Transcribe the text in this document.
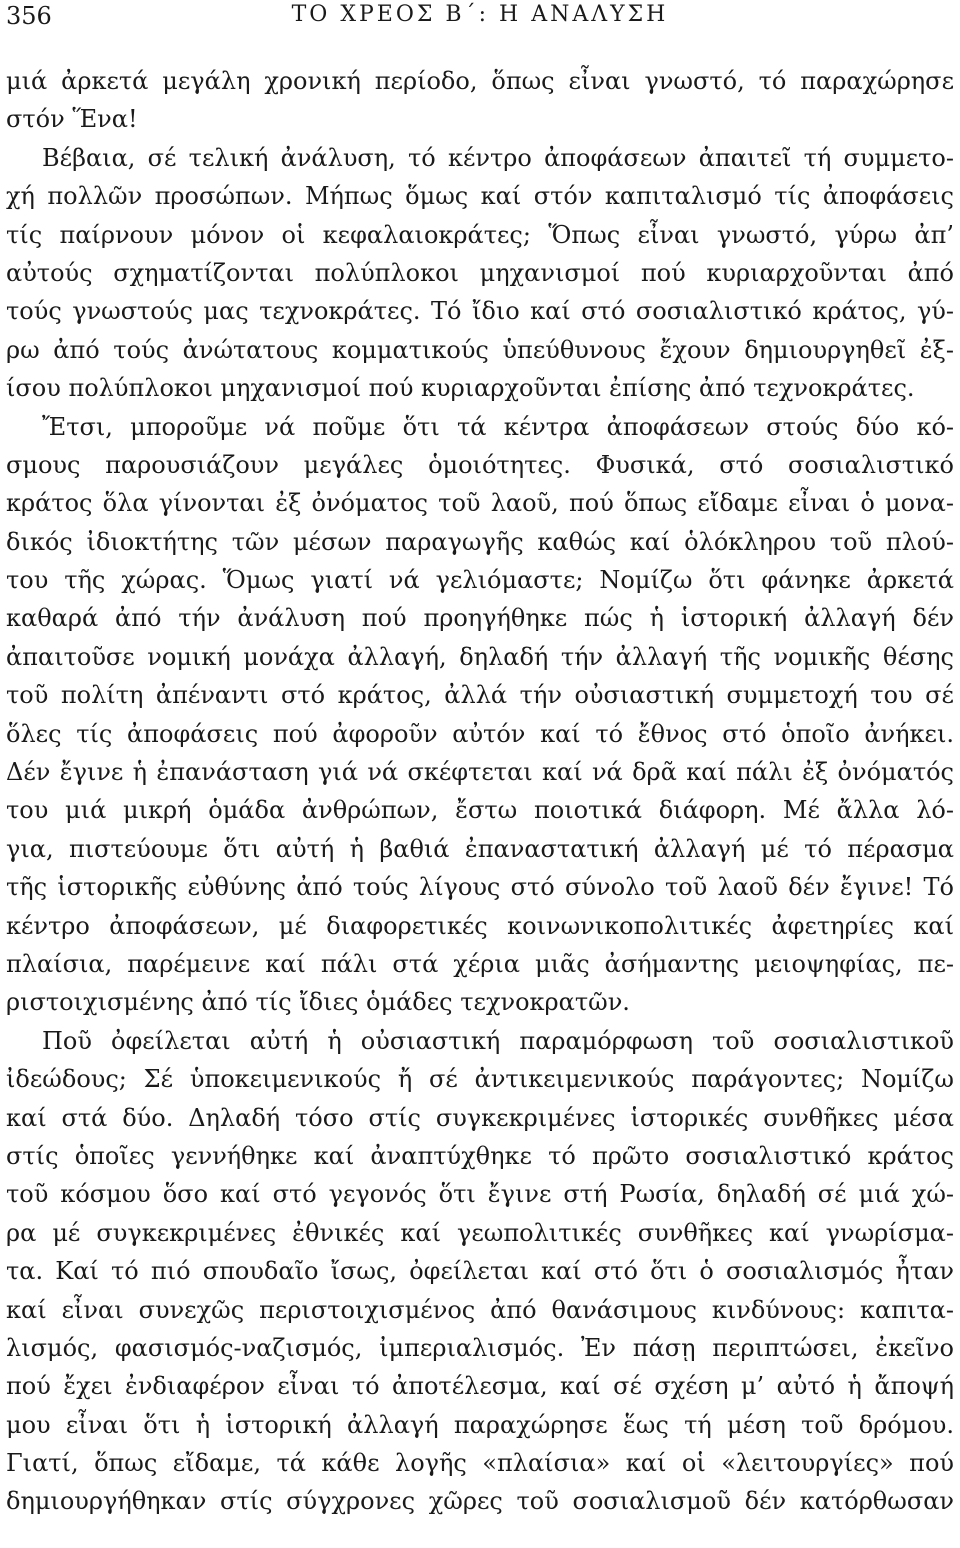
356	ΤΟ ΧΡΕΟΣ Β΄: Η ΑΝΑΛΥΣΗ
μιά ἀρκετά μεγάλη χρονική περίοδο, ὅπως εἶναι γνωστό, τό παραχώρησε
στόν Ἕνα!
Βέβαια, σέ τελική ἀνάλυση, τό κέντρο ἀποφάσεων ἀπαιτεῖ τή συμμετο-
χή πολλῶν προσώπων. Μήπως ὅμως καί στόν καπιταλισμό τίς ἀποφάσεις
τίς παίρνουν μόνον οἱ κεφαλαιοκράτες; Ὅπως εἶναι γνωστό, γύρω ἀπ’
αὐτούς σχηματίζονται πολύπλοκοι μηχανισμοί πού κυριαρχοῦνται ἀπό
τούς γνωστούς μας τεχνοκράτες. Τό ἴδιο καί στό σοσιαλιστικό κράτος, γύ-
ρω ἀπό τούς ἀνώτατους κομματικούς ὑπεύθυνους ἔχουν δημιουργηθεῖ ἐξ-
ίσου πολύπλοκοι μηχανισμοί πού κυριαρχοῦνται ἐπίσης ἀπό τεχνοκράτες.
Ἔτσι, μποροῦμε νά ποῦμε ὅτι τά κέντρα ἀποφάσεων στούς δύο κό-
σμους παρουσιάζουν μεγάλες ὁμοιότητες. Φυσικά, στό σοσιαλιστικό
κράτος ὅλα γίνονται ἐξ ὀνόματος τοῦ λαοῦ, πού ὅπως εἴδαμε εἶναι ὁ μονα-
δικός ἰδιοκτήτης τῶν μέσων παραγωγῆς καθώς καί ὁλόκληρου τοῦ πλού-
του τῆς χώρας. Ὅμως γιατί νά γελιόμαστε; Νομίζω ὅτι φάνηκε ἀρκετά
καθαρά ἀπό τήν ἀνάλυση πού προηγήθηκε πώς ἡ ἱστορική ἀλλαγή δέν
ἀπαιτοῦσε νομική μονάχα ἀλλαγή, δηλαδή τήν ἀλλαγή τῆς νομικῆς θέσης
τοῦ πολίτη ἀπέναντι στό κράτος, ἀλλά τήν οὐσιαστική συμμετοχή του σέ
ὅλες τίς ἀποφάσεις πού ἀφοροῦν αὐτόν καί τό ἔθνος στό ὁποῖο ἀνήκει.
Δέν ἔγινε ἡ ἐπανάσταση γιά νά σκέφτεται καί νά δρᾶ καί πάλι ἐξ ὀνόματός
του μιά μικρή ὁμάδα ἀνθρώπων, ἔστω ποιοτικά διάφορη. Μέ ἄλλα λό-
για, πιστεύουμε ὅτι αὐτή ἡ βαθιά ἐπαναστατική ἀλλαγή μέ τό πέρασμα
τῆς ἱστορικῆς εὐθύνης ἀπό τούς λίγους στό σύνολο τοῦ λαοῦ δέν ἔγινε! Τό
κέντρο ἀποφάσεων, μέ διαφορετικές κοινωνικοπολιτικές ἀφετηρίες καί
πλαίσια, παρέμεινε καί πάλι στά χέρια μιᾶς ἀσήμαντης μειοψηφίας, πε-
ριστοιχισμένης ἀπό τίς ἴδιες ὁμάδες τεχνοκρατῶν.
Ποῦ ὀφείλεται αὐτή ἡ οὐσιαστική παραμόρφωση τοῦ σοσιαλιστικοῦ
ἰδεώδους; Σέ ὑποκειμενικούς ἤ σέ ἀντικειμενικούς παράγοντες; Νομίζω
καί στά δύο. Δηλαδή τόσο στίς συγκεκριμένες ἱστορικές συνθῆκες μέσα
στίς ὁποῖες γεννήθηκε καί ἀναπτύχθηκε τό πρῶτο σοσιαλιστικό κράτος
τοῦ κόσμου ὅσο καί στό γεγονός ὅτι ἔγινε στή Ρωσία, δηλαδή σέ μιά χώ-
ρα μέ συγκεκριμένες ἐθνικές καί γεωπολιτικές συνθῆκες καί γνωρίσμα-
τα. Καί τό πιό σπουδαῖο ἴσως, ὀφείλεται καί στό ὅτι ὁ σοσιαλισμός ἦταν
καί εἶναι συνεχῶς περιστοιχισμένος ἀπό θανάσιμους κινδύνους: καπιτα-
λισμός, φασισμός-ναζισμός, ἰμπεριαλισμός. Ἐν πάσῃ περιπτώσει, ἐκεῖνο
πού ἔχει ἐνδιαφέρον εἶναι τό ἀποτέλεσμα, καί σέ σχέση μ’ αὐτό ἡ ἄποψή
μου εἶναι ὅτι ἡ ἱστορική ἀλλαγή παραχώρησε ἕως τή μέση τοῦ δρόμου.
Γιατί, ὅπως εἴδαμε, τά κάθε λογῆς «πλαίσια» καί οἱ «λειτουργίες» πού
δημιουργήθηκαν στίς σύγχρονες χῶρες τοῦ σοσιαλισμοῦ δέν κατόρθωσαν
